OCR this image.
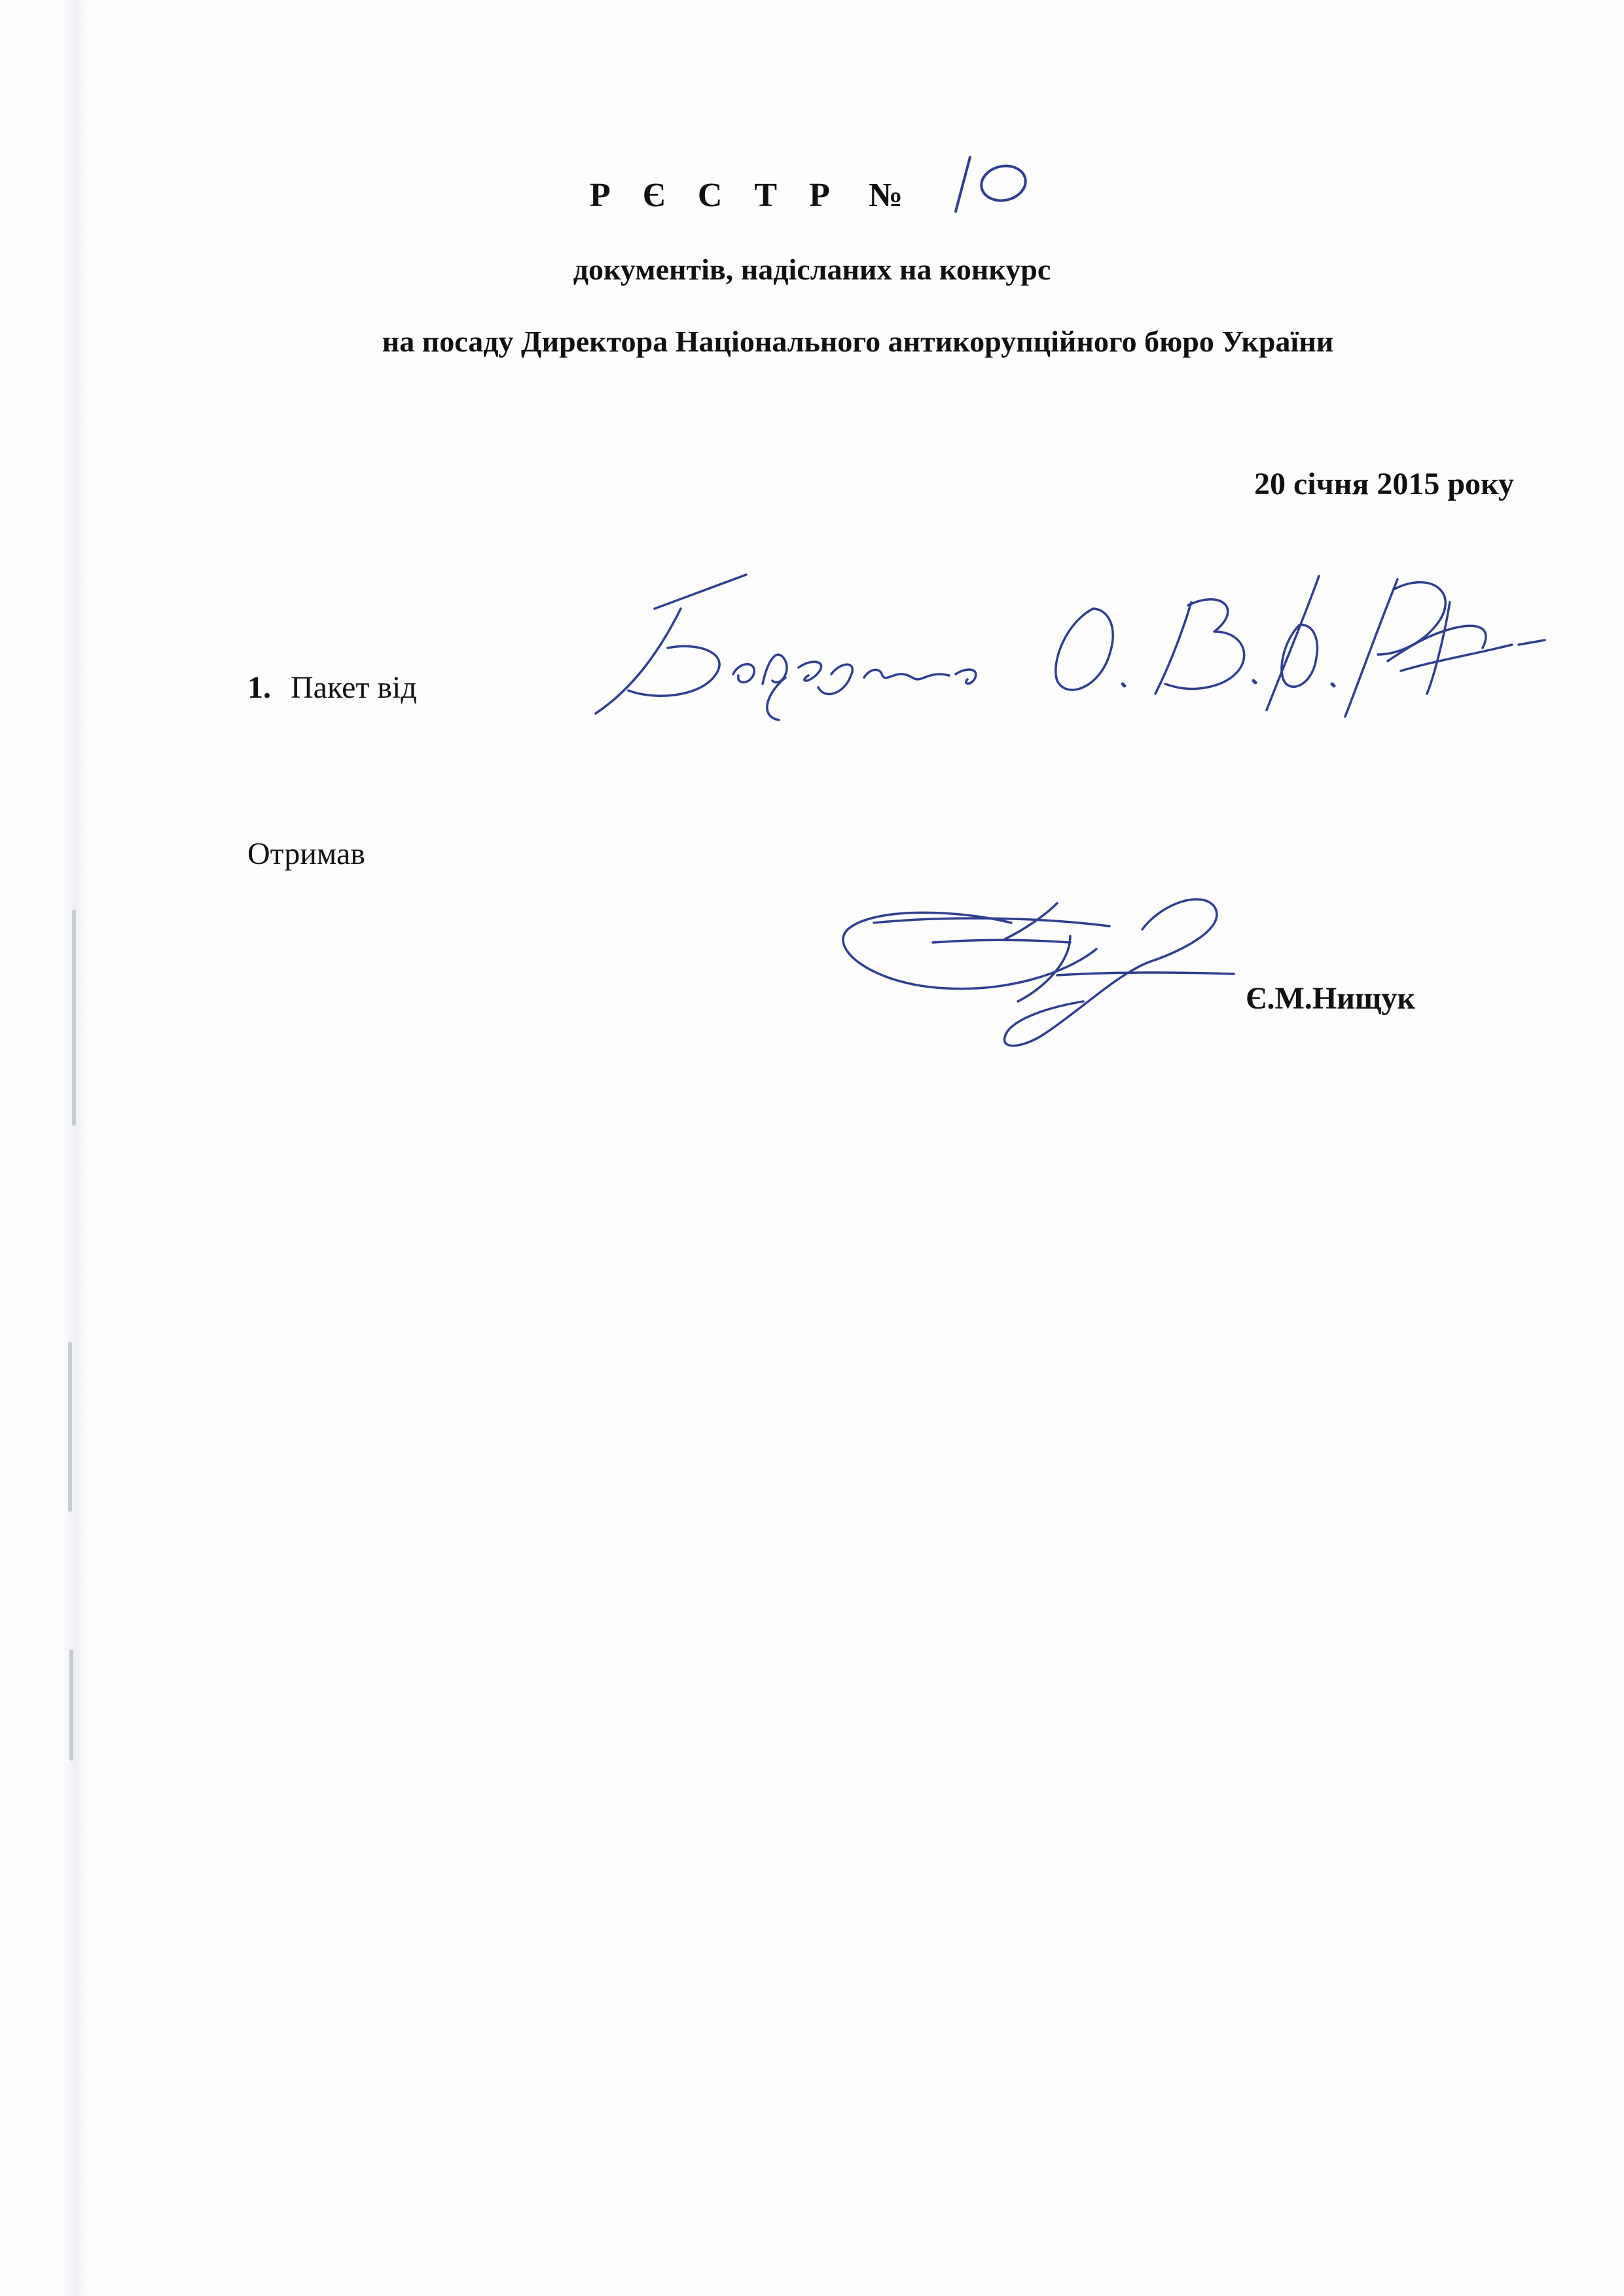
Р Є С Т Р №
документів, надісланих на конкурс
на посаду Директора Національного антикорупційного бюро України
20 січня 2015 року
1. Пакет від
Отримав
Є.М.Нищук
